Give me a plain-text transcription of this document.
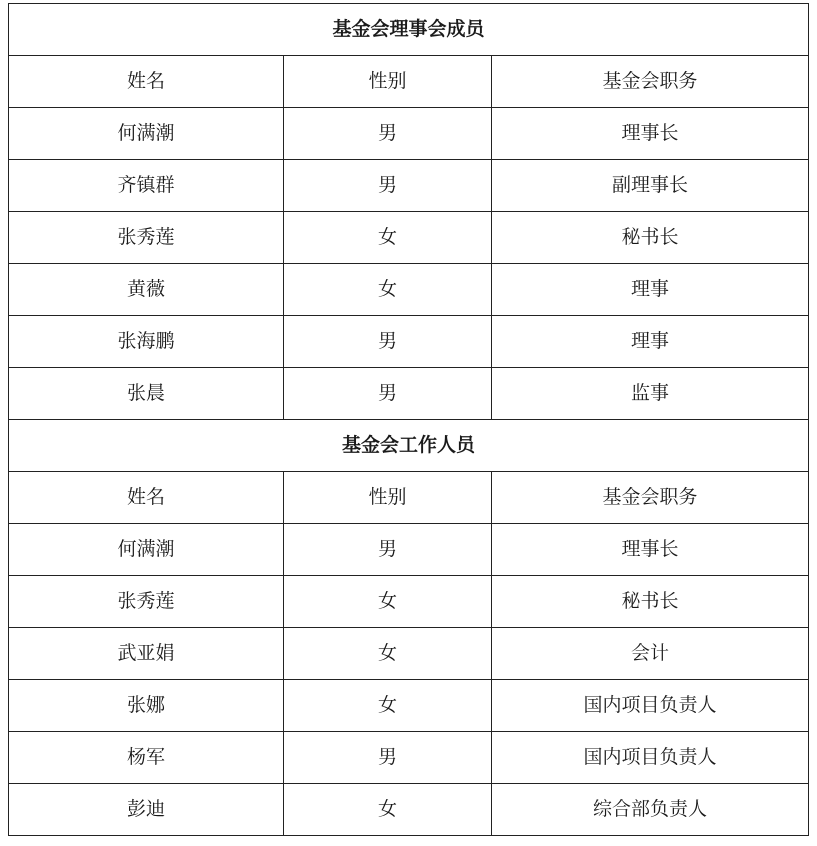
基金会理事会成员		
姓名	性别	基金会职务
何满潮	男	理事长
齐镇群	男	副理事长
张秀莲	女	秘书长
黄薇	女	理事
张海鹏	男	理事
张晨	男	监事
基金会工作人员		
姓名	性别	基金会职务
何满潮	男	理事长
张秀莲	女	秘书长
武亚娟	女	会计
张娜	女	国内项目负责人
杨军	男	国内项目负责人
彭迪	女	综合部负责人
